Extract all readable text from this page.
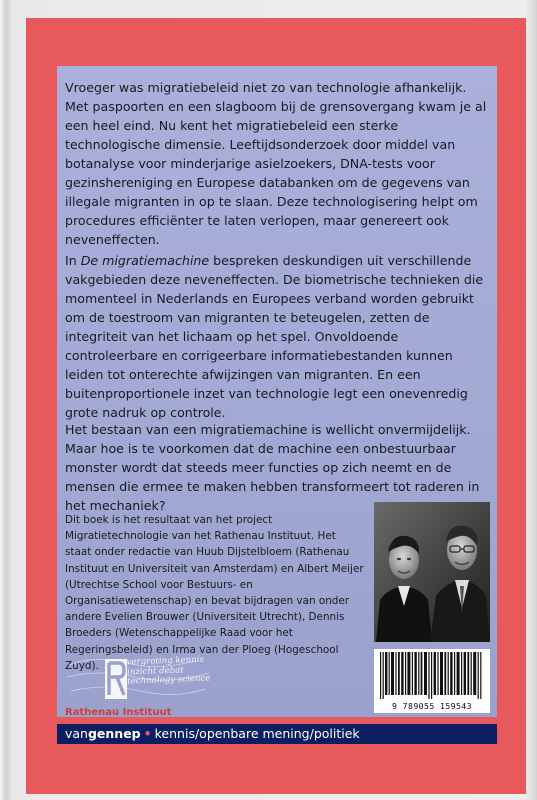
Vroeger was migratiebeleid niet zo van technologie afhankelijk. Met paspoorten en een slagboom bij de grensovergang kwam je al een heel eind. Nu kent het migratiebeleid een sterke technologische dimensie. Leeftijdsonderzoek door middel van botanalyse voor minderjarige asielzoekers, DNA-tests voor gezinshereniging en Europese databanken om de gegevens van illegale migranten in op te slaan. Deze technologisering helpt om procedures efficiënter te laten verlopen, maar genereert ook neveneffecten.

In De migratiemachine bespreken deskundigen uit verschillende vakgebieden deze neveneffecten. De biometrische technieken die momenteel in Nederlands en Europees verband worden gebruikt om de toestroom van migranten te beteugelen, zetten de integriteit van het lichaam op het spel. Onvoldoende controleerbare en corrigeerbare informatiebestanden kunnen leiden tot onterechte afwijzingen van migranten. En een buitenproportionele inzet van technologie legt een onevenredig grote nadruk op controle.

Het bestaan van een migratiemachine is wellicht onvermijdelijk. Maar hoe is te voorkomen dat de machine een onbestuurbaar monster wordt dat steeds meer functies op zich neemt en de mensen die ermee te maken hebben transformeert tot raderen in het mechaniek?

Dit boek is het resultaat van het project Migratietechnologie van het Rathenau Instituut. Het staat onder redactie van Huub Dijstelbloem (Rathenau Instituut en Universiteit van Amsterdam) en Albert Meijer (Utrechtse School voor Bestuurs- en Organisatiewetenschap) en bevat bijdragen van onder andere Evelien Brouwer (Universiteit Utrecht), Dennis Broeders (Wetenschappelijke Raad voor het Regeringsbeleid) en Irma van der Ploeg (Hogeschool Zuyd).

9 789055 159543
vergroting kennis
inzicht debat
technology science
Rathenau Instituut
vangennep • kennis/openbare mening/politiek
